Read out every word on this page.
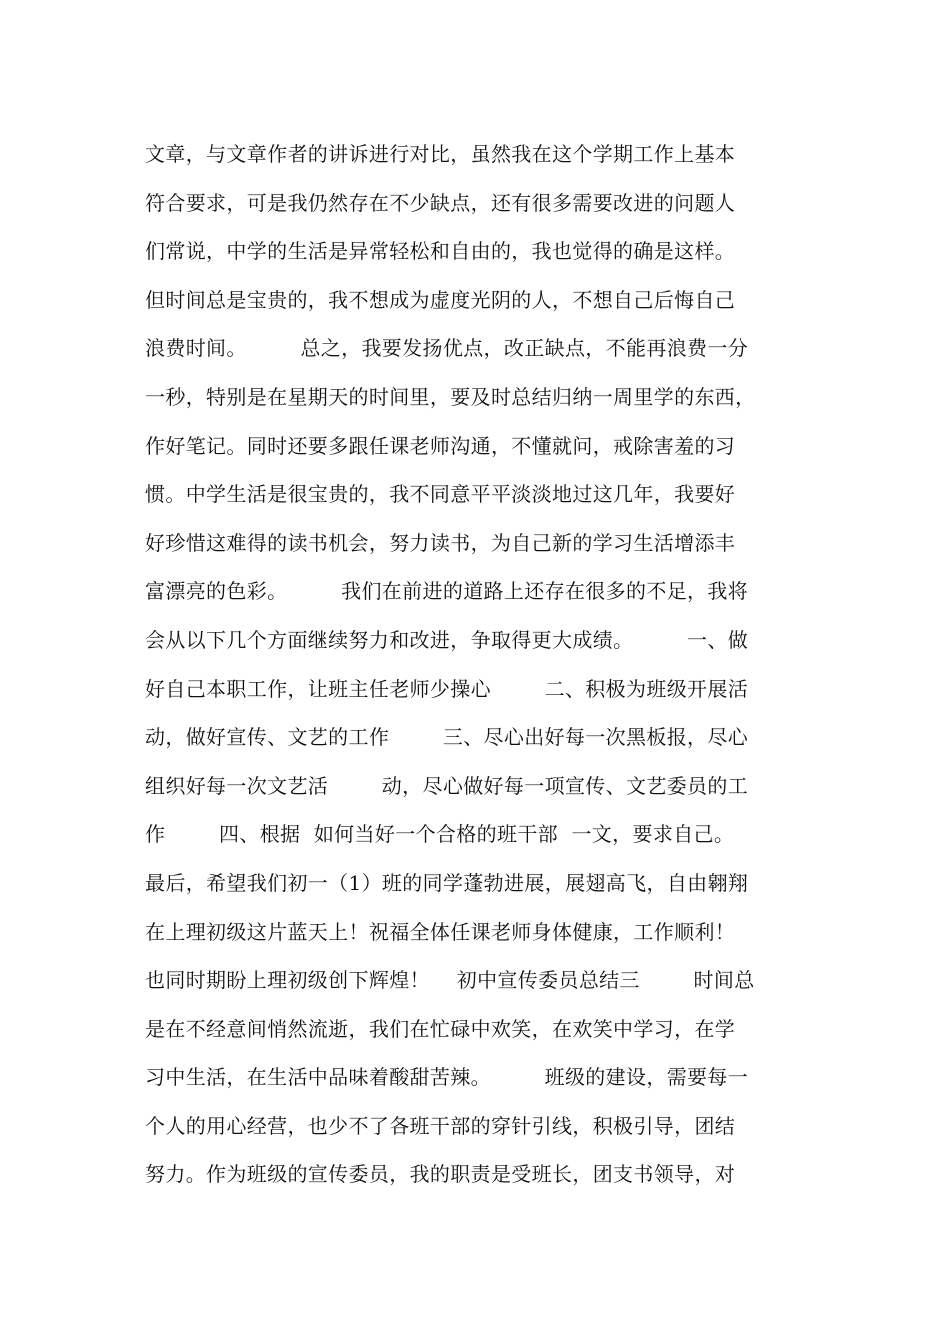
文章，与文章作者的讲诉进行对比，虽然我在这个学期工作上基本
符合要求，可是我仍然存在不少缺点，还有很多需要改进的问题人
们常说，中学的生活是异常轻松和自由的，我也觉得的确是这样。
但时间总是宝贵的，我不想成为虚度光阴的人，不想自己后悔自己
浪费时间。        总之，我要发扬优点，改正缺点，不能再浪费一分
一秒，特别是在星期天的时间里，要及时总结归纳一周里学的东西，
作好笔记。同时还要多跟任课老师沟通，不懂就问，戒除害羞的习
惯。中学生活是很宝贵的，我不同意平平淡淡地过这几年，我要好
好珍惜这难得的读书机会，努力读书，为自己新的学习生活增添丰
富漂亮的色彩。        我们在前进的道路上还存在很多的不足，我将
会从以下几个方面继续努力和改进，争取得更大成绩。        一、做
好自己本职工作，让班主任老师少操心        二、积极为班级开展活
动，做好宣传、文艺的工作        三、尽心出好每一次黑板报，尽心
组织好每一次文艺活        动，尽心做好每一项宣传、文艺委员的工
作        四、根据  如何当好一个合格的班干部  一文，要求自己。
最后，希望我们初一（1）班的同学蓬勃进展，展翅高飞，自由翱翔
在上理初级这片蓝天上！祝福全体任课老师身体健康，工作顺利！
也同时期盼上理初级创下辉煌！    初中宣传委员总结三        时间总
是在不经意间悄然流逝，我们在忙碌中欢笑，在欢笑中学习，在学
习中生活，在生活中品味着酸甜苦辣。        班级的建设，需要每一
个人的用心经营，也少不了各班干部的穿针引线，积极引导，团结
努力。作为班级的宣传委员，我的职责是受班长，团支书领导，对
